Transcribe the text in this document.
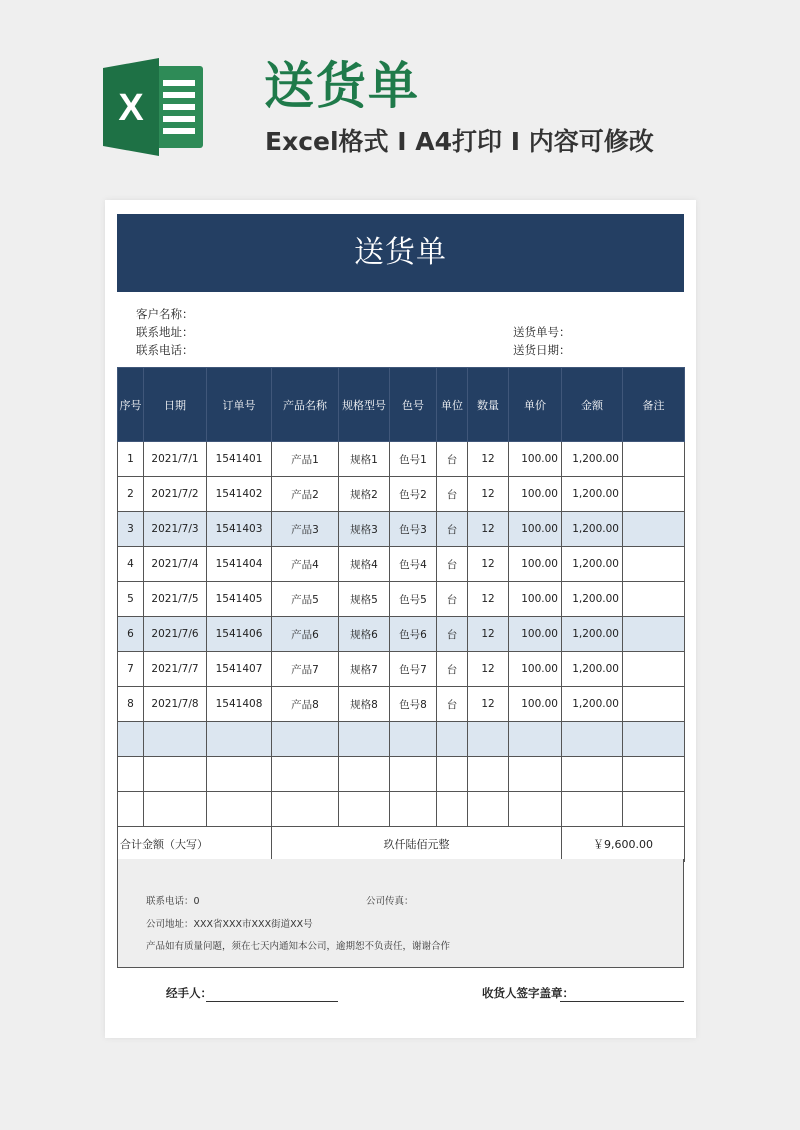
X 送货单
Excel格式 I A4打印 I 内容可修改
送货单
客户名称：
联系地址：
联系电话：
送货单号：
送货日期：
序号	日期	订单号	产品名称	规格型号	色号	单位	数量	单价	金额	备注
1	2021/7/1	1541401	产品1	规格1	色号1	台	12	100.00	1,200.00	
2	2021/7/2	1541402	产品2	规格2	色号2	台	12	100.00	1,200.00	
3	2021/7/3	1541403	产品3	规格3	色号3	台	12	100.00	1,200.00	
4	2021/7/4	1541404	产品4	规格4	色号4	台	12	100.00	1,200.00	
5	2021/7/5	1541405	产品5	规格5	色号5	台	12	100.00	1,200.00	
6	2021/7/6	1541406	产品6	规格6	色号6	台	12	100.00	1,200.00	
7	2021/7/7	1541407	产品7	规格7	色号7	台	12	100.00	1,200.00	
8	2021/7/8	1541408	产品8	规格8	色号8	台	12	100.00	1,200.00	

合计金额（大写）			玖仟陆佰元整						￥9,600.00	
联系电话：0	公司传真：
公司地址：XXX省XXX市XXX街道XX号
产品如有质量问题，须在七天内通知本公司，逾期恕不负责任，谢谢合作
经手人：	收货人签字盖章：
